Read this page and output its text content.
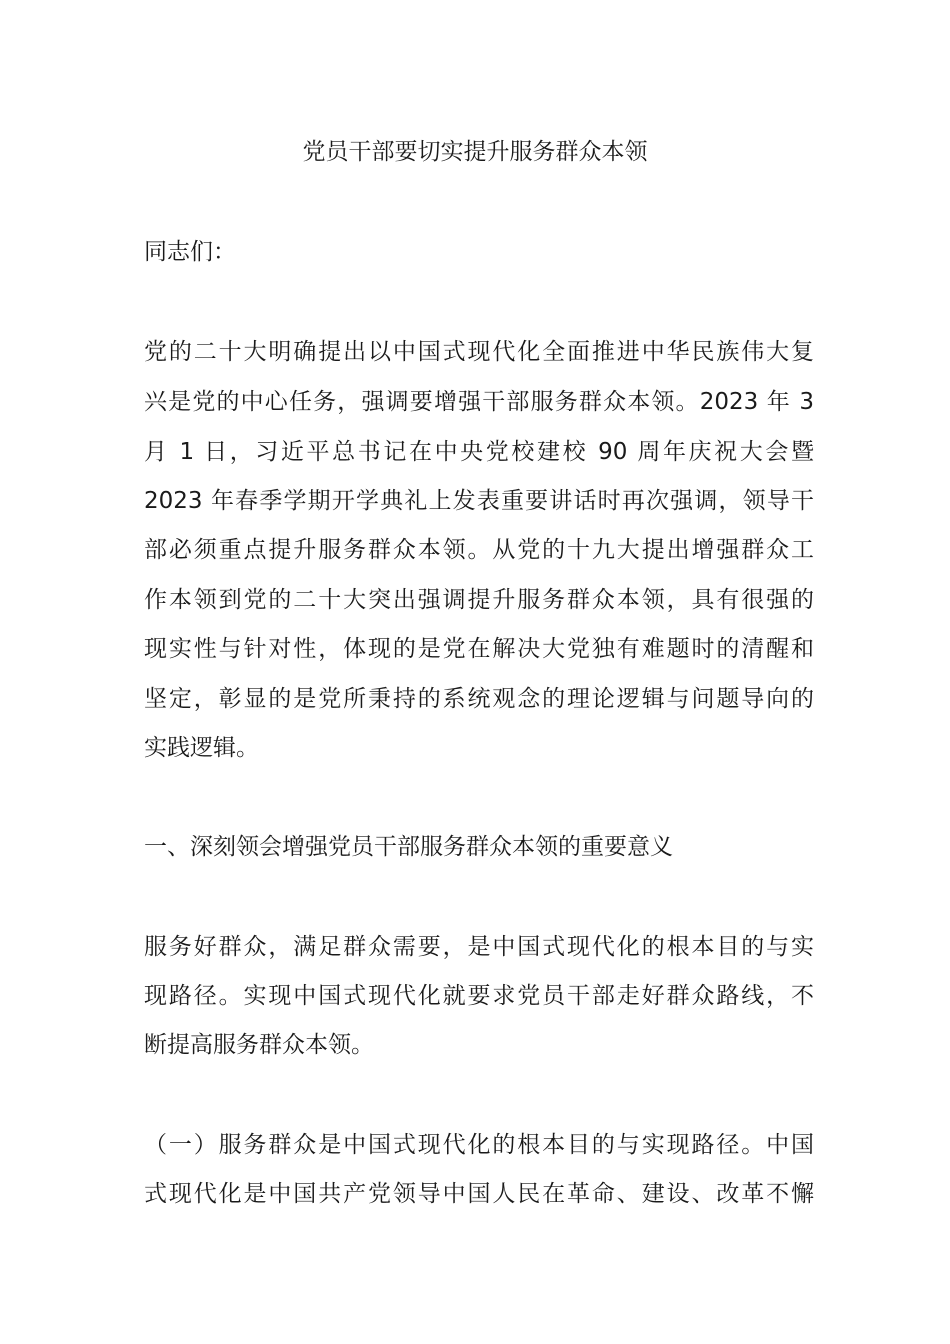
党员干部要切实提升服务群众本领
同志们：
党的二十大明确提出以中国式现代化全面推进中华民族伟大复
兴是党的中心任务，强调要增强干部服务群众本领。2023 年 3
月 1 日，习近平总书记在中央党校建校 90 周年庆祝大会暨
2023 年春季学期开学典礼上发表重要讲话时再次强调，领导干
部必须重点提升服务群众本领。从党的十九大提出增强群众工
作本领到党的二十大突出强调提升服务群众本领，具有很强的
现实性与针对性，体现的是党在解决大党独有难题时的清醒和
坚定，彰显的是党所秉持的系统观念的理论逻辑与问题导向的
实践逻辑。
一、深刻领会增强党员干部服务群众本领的重要意义
服务好群众，满足群众需要，是中国式现代化的根本目的与实
现路径。实现中国式现代化就要求党员干部走好群众路线，不
断提高服务群众本领。
（一）服务群众是中国式现代化的根本目的与实现路径。中国
式现代化是中国共产党领导中国人民在革命、建设、改革不懈
